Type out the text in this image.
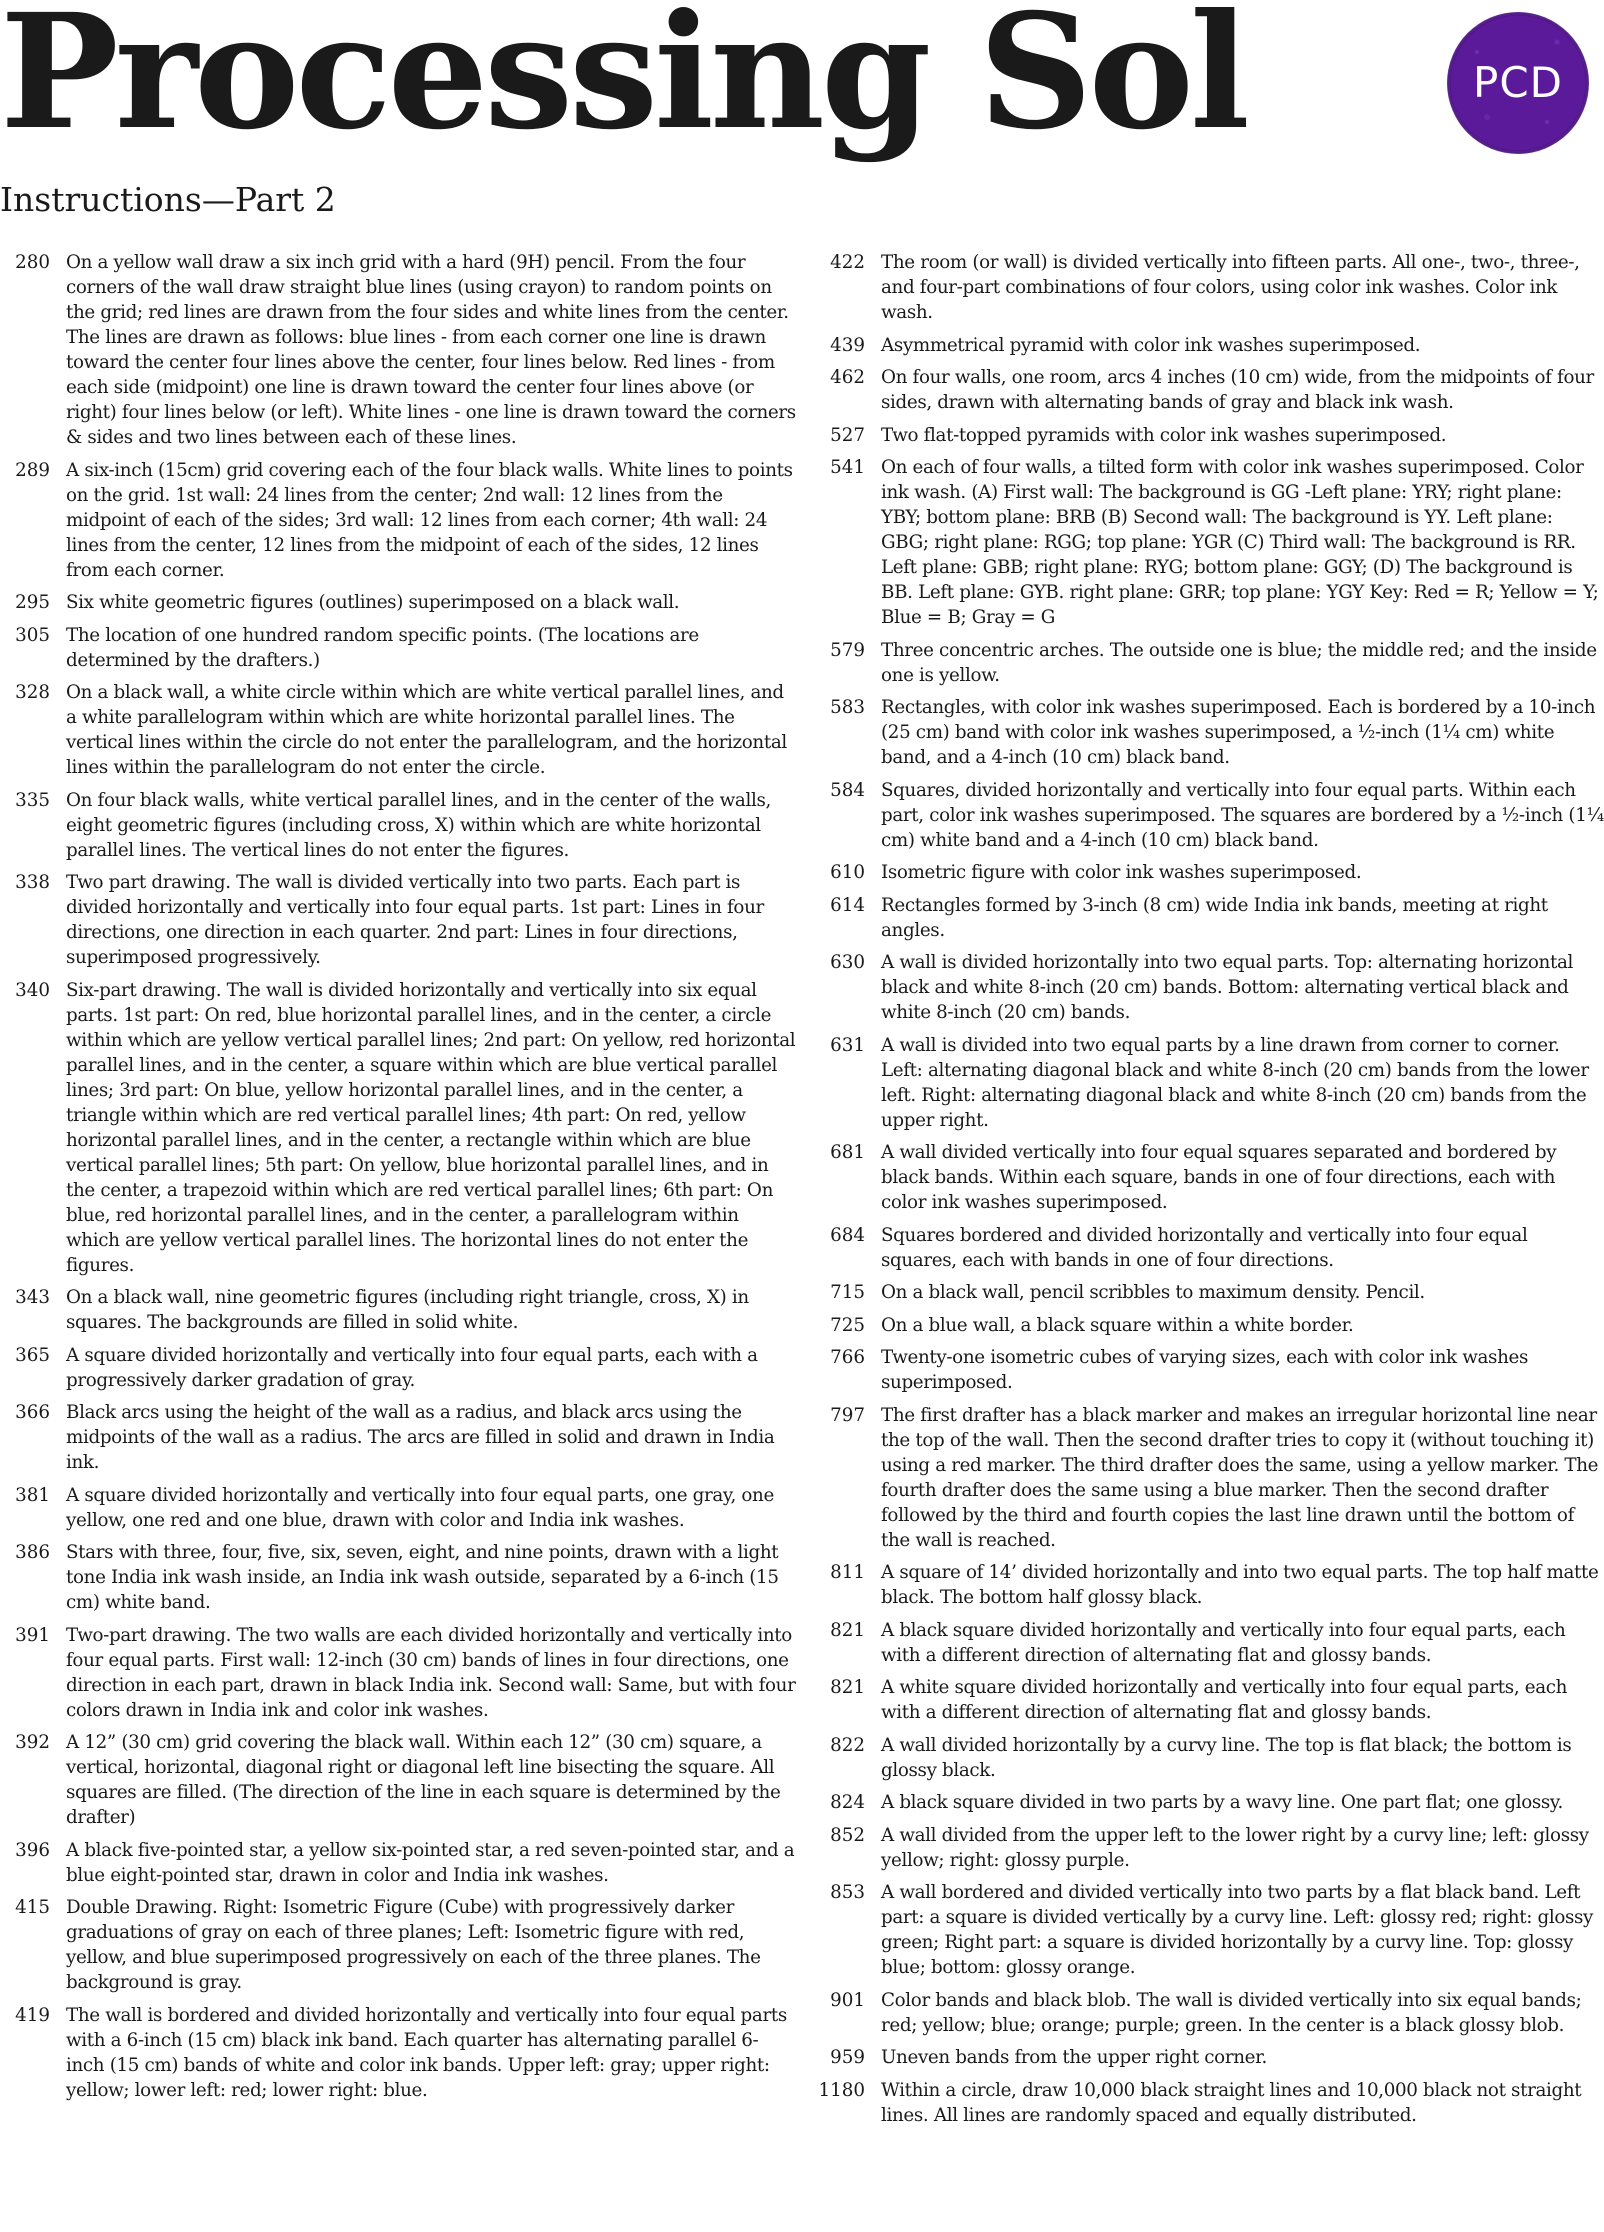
Processing Sol	PCD
Instructions—Part 2
280 On a yellow wall draw a six inch grid with a hard (9H) pencil. From the four corners of the wall draw straight blue lines (using crayon) to random points on the grid; red lines are drawn from the four sides and white lines from the center. The lines are drawn as follows: blue lines - from each corner one line is drawn toward the center four lines above the center, four lines below. Red lines - from each side (midpoint) one line is drawn toward the center four lines above (or right) four lines below (or left). White lines - one line is drawn toward the corners & sides and two lines between each of these lines.
289 A six-inch (15cm) grid covering each of the four black walls. White lines to points on the grid. 1st wall: 24 lines from the center; 2nd wall: 12 lines from the midpoint of each of the sides; 3rd wall: 12 lines from each corner; 4th wall: 24 lines from the center, 12 lines from the midpoint of each of the sides, 12 lines from each corner.
295 Six white geometric figures (outlines) superimposed on a black wall.
305 The location of one hundred random specific points. (The locations are determined by the drafters.)
328 On a black wall, a white circle within which are white vertical parallel lines, and a white parallelogram within which are white horizontal parallel lines. The vertical lines within the circle do not enter the parallelogram, and the horizontal lines within the parallelogram do not enter the circle.
335 On four black walls, white vertical parallel lines, and in the center of the walls, eight geometric figures (including cross, X) within which are white horizontal parallel lines. The vertical lines do not enter the figures.
338 Two part drawing. The wall is divided vertically into two parts. Each part is divided horizontally and vertically into four equal parts. 1st part: Lines in four directions, one direction in each quarter. 2nd part: Lines in four directions, superimposed progressively.
340 Six-part drawing. The wall is divided horizontally and vertically into six equal parts. 1st part: On red, blue horizontal parallel lines, and in the center, a circle within which are yellow vertical parallel lines; 2nd part: On yellow, red horizontal parallel lines, and in the center, a square within which are blue vertical parallel lines; 3rd part: On blue, yellow horizontal parallel lines, and in the center, a triangle within which are red vertical parallel lines; 4th part: On red, yellow horizontal parallel lines, and in the center, a rectangle within which are blue vertical parallel lines; 5th part: On yellow, blue horizontal parallel lines, and in the center, a trapezoid within which are red vertical parallel lines; 6th part: On blue, red horizontal parallel lines, and in the center, a parallelogram within which are yellow vertical parallel lines. The horizontal lines do not enter the figures.
343 On a black wall, nine geometric figures (including right triangle, cross, X) in squares. The backgrounds are filled in solid white.
365 A square divided horizontally and vertically into four equal parts, each with a progressively darker gradation of gray.
366 Black arcs using the height of the wall as a radius, and black arcs using the midpoints of the wall as a radius. The arcs are filled in solid and drawn in India ink.
381 A square divided horizontally and vertically into four equal parts, one gray, one yellow, one red and one blue, drawn with color and India ink washes.
386 Stars with three, four, five, six, seven, eight, and nine points, drawn with a light tone India ink wash inside, an India ink wash outside, separated by a 6-inch (15 cm) white band.
391 Two-part drawing. The two walls are each divided horizontally and vertically into four equal parts. First wall: 12-inch (30 cm) bands of lines in four directions, one direction in each part, drawn in black India ink. Second wall: Same, but with four colors drawn in India ink and color ink washes.
392 A 12” (30 cm) grid covering the black wall. Within each 12” (30 cm) square, a vertical, horizontal, diagonal right or diagonal left line bisecting the square. All squares are filled. (The direction of the line in each square is determined by the drafter)
396 A black five-pointed star, a yellow six-pointed star, a red seven-pointed star, and a blue eight-pointed star, drawn in color and India ink washes.
415 Double Drawing. Right: Isometric Figure (Cube) with progressively darker graduations of gray on each of three planes; Left: Isometric figure with red, yellow, and blue superimposed progressively on each of the three planes. The background is gray.
419 The wall is bordered and divided horizontally and vertically into four equal parts with a 6-inch (15 cm) black ink band. Each quarter has alternating parallel 6-inch (15 cm) bands of white and color ink bands. Upper left: gray; upper right: yellow; lower left: red; lower right: blue.
422 The room (or wall) is divided vertically into fifteen parts. All one-, two-, three-, and four-part combinations of four colors, using color ink washes. Color ink wash.
439 Asymmetrical pyramid with color ink washes superimposed.
462 On four walls, one room, arcs 4 inches (10 cm) wide, from the midpoints of four sides, drawn with alternating bands of gray and black ink wash.
527 Two flat-topped pyramids with color ink washes superimposed.
541 On each of four walls, a tilted form with color ink washes superimposed. Color ink wash. (A) First wall: The background is GG -Left plane: YRY; right plane: YBY; bottom plane: BRB (B) Second wall: The background is YY. Left plane: GBG; right plane: RGG; top plane: YGR (C) Third wall: The background is RR. Left plane: GBB; right plane: RYG; bottom plane: GGY; (D) The background is BB. Left plane: GYB. right plane: GRR; top plane: YGY Key: Red = R; Yellow = Y; Blue = B; Gray = G
579 Three concentric arches. The outside one is blue; the middle red; and the inside one is yellow.
583 Rectangles, with color ink washes superimposed. Each is bordered by a 10-inch (25 cm) band with color ink washes superimposed, a ½-inch (1¼ cm) white band, and a 4-inch (10 cm) black band.
584 Squares, divided horizontally and vertically into four equal parts. Within each part, color ink washes superimposed. The squares are bordered by a ½-inch (1¼ cm) white band and a 4-inch (10 cm) black band.
610 Isometric figure with color ink washes superimposed.
614 Rectangles formed by 3-inch (8 cm) wide India ink bands, meeting at right angles.
630 A wall is divided horizontally into two equal parts. Top: alternating horizontal black and white 8-inch (20 cm) bands. Bottom: alternating vertical black and white 8-inch (20 cm) bands.
631 A wall is divided into two equal parts by a line drawn from corner to corner. Left: alternating diagonal black and white 8-inch (20 cm) bands from the lower left. Right: alternating diagonal black and white 8-inch (20 cm) bands from the upper right.
681 A wall divided vertically into four equal squares separated and bordered by black bands. Within each square, bands in one of four directions, each with color ink washes superimposed.
684 Squares bordered and divided horizontally and vertically into four equal squares, each with bands in one of four directions.
715 On a black wall, pencil scribbles to maximum density. Pencil.
725 On a blue wall, a black square within a white border.
766 Twenty-one isometric cubes of varying sizes, each with color ink washes superimposed.
797 The first drafter has a black marker and makes an irregular horizontal line near the top of the wall. Then the second drafter tries to copy it (without touching it) using a red marker. The third drafter does the same, using a yellow marker. The fourth drafter does the same using a blue marker. Then the second drafter followed by the third and fourth copies the last line drawn until the bottom of the wall is reached.
811 A square of 14’ divided horizontally and into two equal parts. The top half matte black. The bottom half glossy black.
821 A black square divided horizontally and vertically into four equal parts, each with a different direction of alternating flat and glossy bands.
821 A white square divided horizontally and vertically into four equal parts, each with a different direction of alternating flat and glossy bands.
822 A wall divided horizontally by a curvy line. The top is flat black; the bottom is glossy black.
824 A black square divided in two parts by a wavy line. One part flat; one glossy.
852 A wall divided from the upper left to the lower right by a curvy line; left: glossy yellow; right: glossy purple.
853 A wall bordered and divided vertically into two parts by a flat black band. Left part: a square is divided vertically by a curvy line. Left: glossy red; right: glossy green; Right part: a square is divided horizontally by a curvy line. Top: glossy blue; bottom: glossy orange.
901 Color bands and black blob. The wall is divided vertically into six equal bands; red; yellow; blue; orange; purple; green. In the center is a black glossy blob.
959 Uneven bands from the upper right corner.
1180 Within a circle, draw 10,000 black straight lines and 10,000 black not straight lines. All lines are randomly spaced and equally distributed.
